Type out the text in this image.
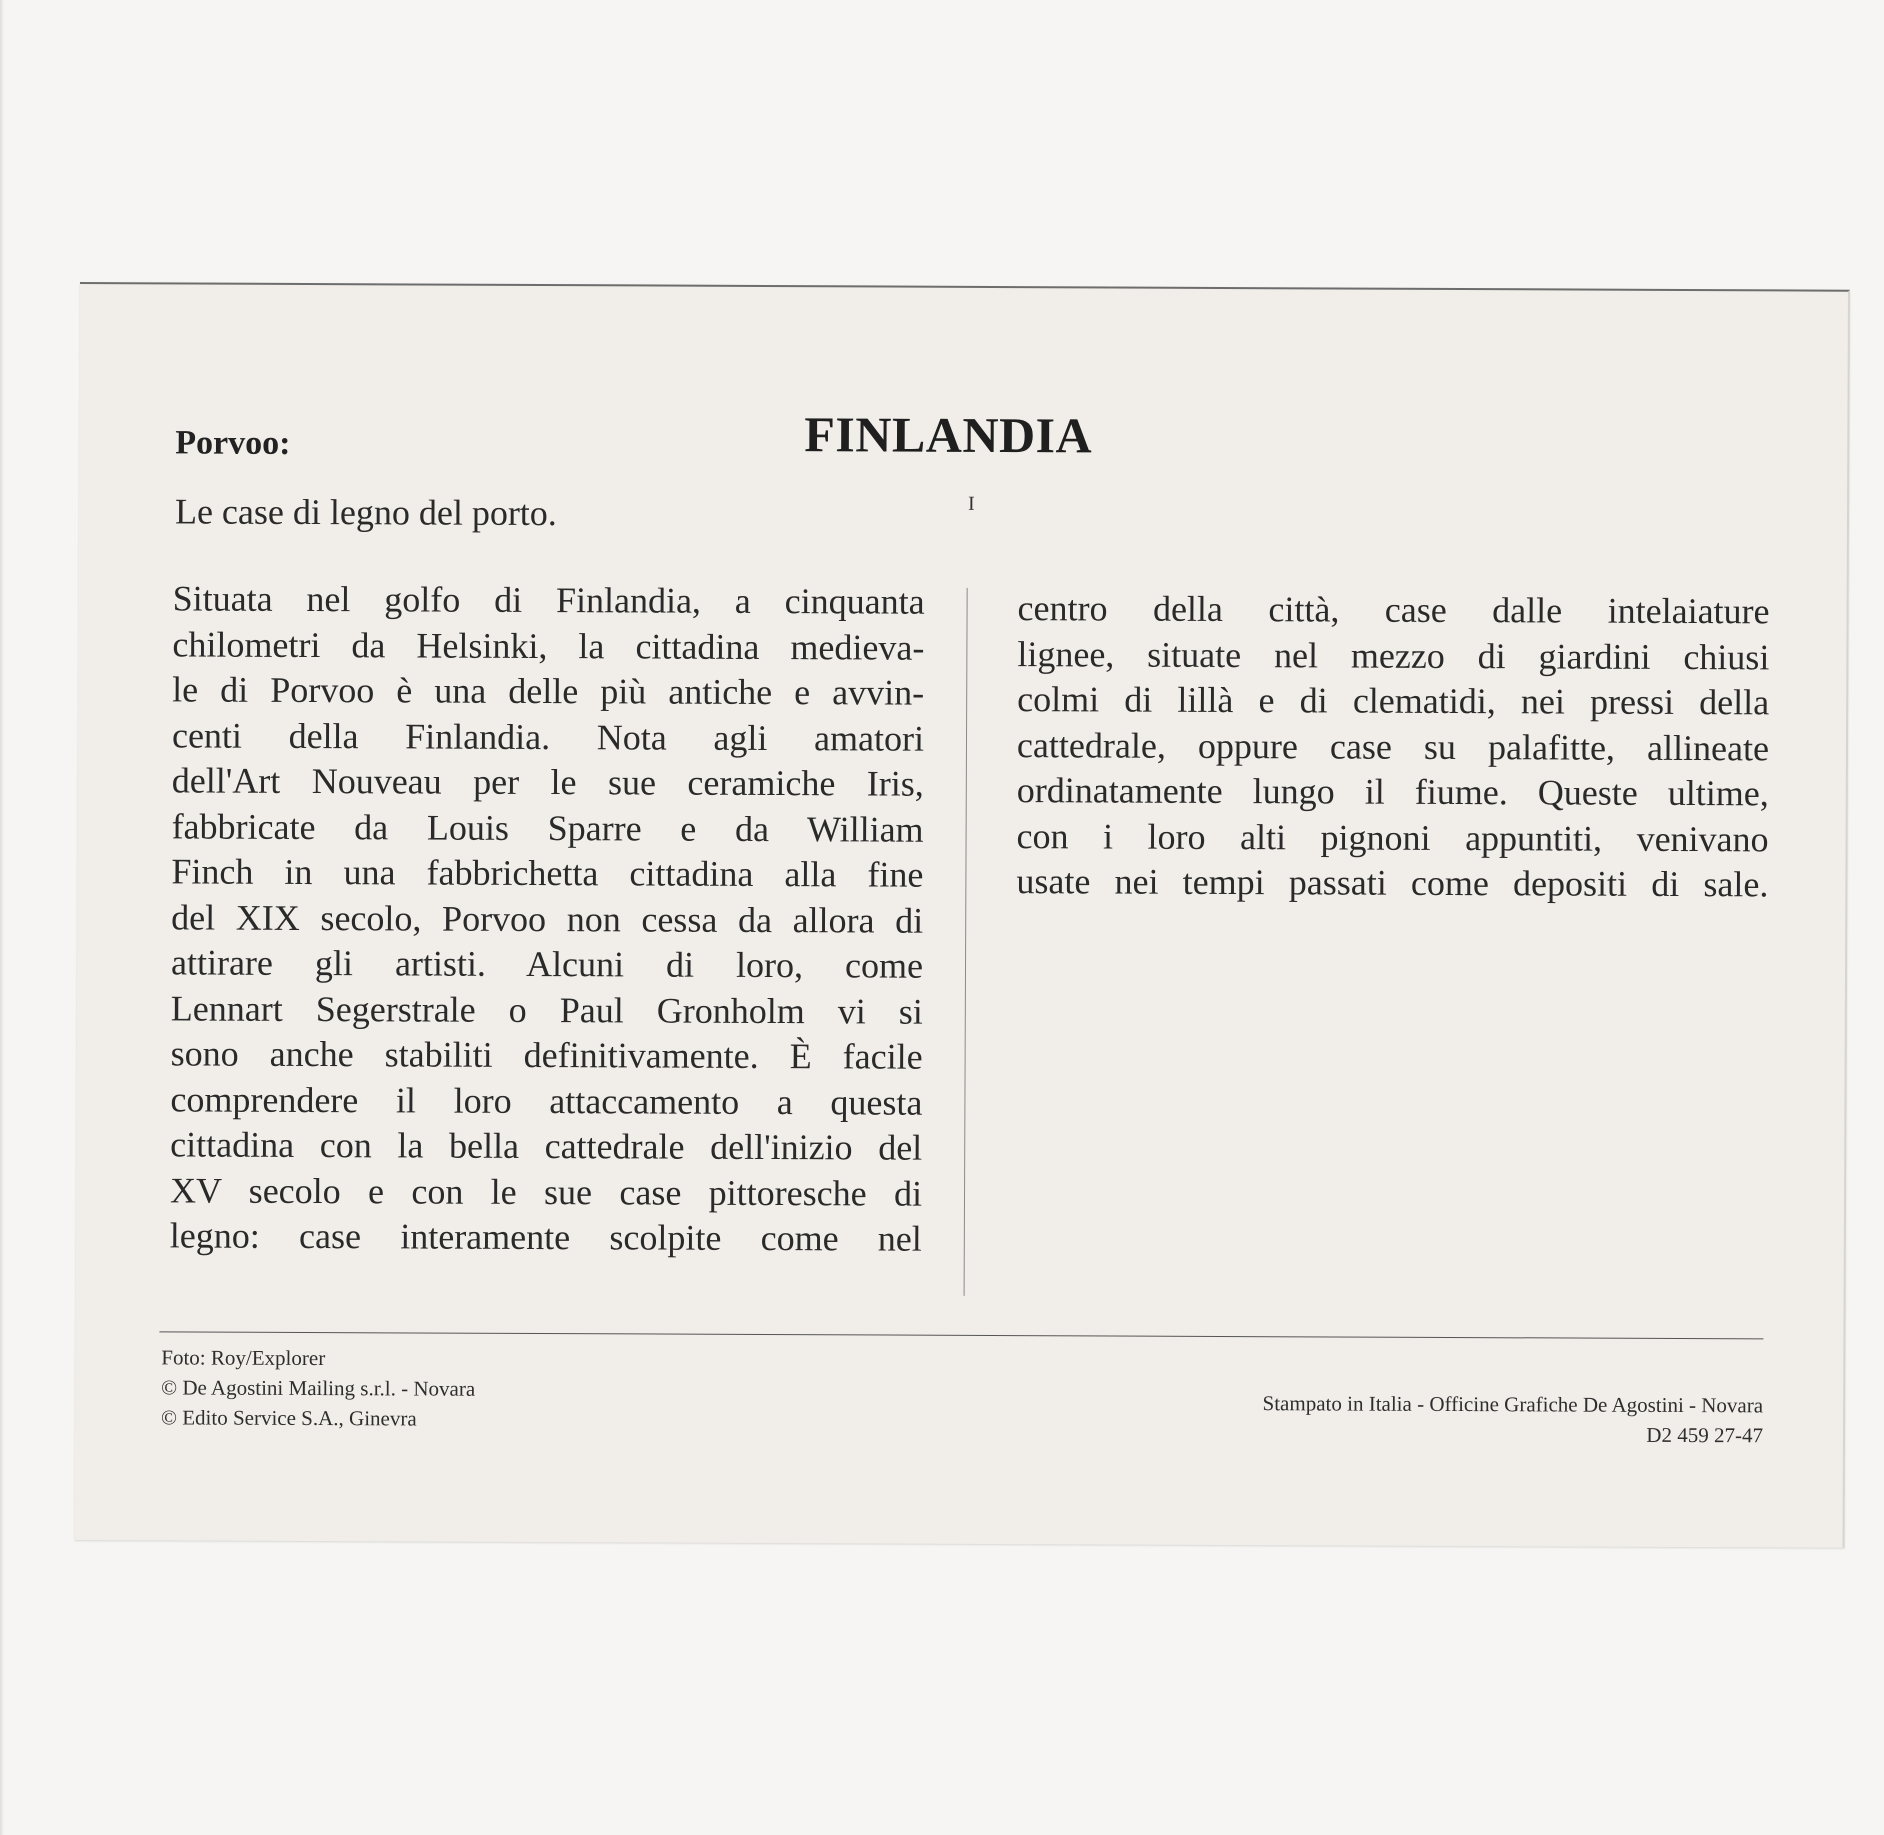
FINLANDIA
I
Porvoo:
Le case di legno del porto.
Situata nel golfo di Finlandia, a cinquanta
chilometri da Helsinki, la cittadina medieva-
le di Porvoo è una delle più antiche e avvin-
centi della Finlandia. Nota agli amatori
dell'Art Nouveau per le sue ceramiche Iris,
fabbricate da Louis Sparre e da William
Finch in una fabbrichetta cittadina alla fine
del XIX secolo, Porvoo non cessa da allora di
attirare gli artisti. Alcuni di loro, come
Lennart Segerstrale o Paul Gronholm vi si
sono anche stabiliti definitivamente. È facile
comprendere il loro attaccamento a questa
cittadina con la bella cattedrale dell'inizio del
XV secolo e con le sue case pittoresche di
legno: case interamente scolpite come nel
centro della città, case dalle intelaiature
lignee, situate nel mezzo di giardini chiusi
colmi di lillà e di clematidi, nei pressi della
cattedrale, oppure case su palafitte, allineate
ordinatamente lungo il fiume. Queste ultime,
con i loro alti pignoni appuntiti, venivano
usate nei tempi passati come depositi di sale.
Foto: Roy/Explorer
© De Agostini Mailing s.r.l. - Novara
© Edito Service S.A., Ginevra
Stampato in Italia - Officine Grafiche De Agostini - Novara
D2 459 27-47
